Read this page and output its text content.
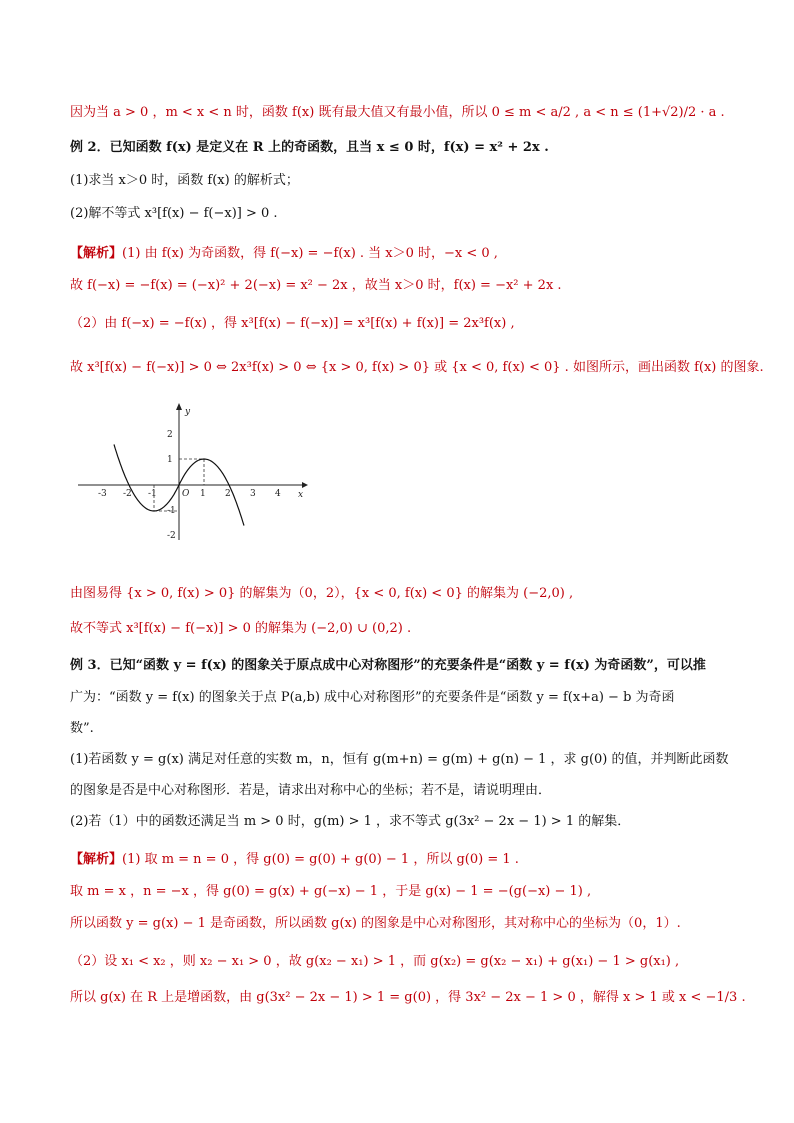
因为当 a > 0 ，m < x < n 时，函数 f(x) 既有最大值又有最小值，所以 0 ≤ m < a/2 , a < n ≤ (1+√2)/2 · a .
例 2．已知函数 f(x) 是定义在 R 上的奇函数，且当 x ≤ 0 时，f(x) = x² + 2x .
(1)求当 x＞0 时，函数 f(x) 的解析式；
(2)解不等式 x³[f(x) − f(−x)] > 0 .
【解析】(1) 由 f(x) 为奇函数，得 f(−x) = −f(x) . 当 x＞0 时，−x < 0 ,
故 f(−x) = −f(x) = (−x)² + 2(−x) = x² − 2x ，故当 x＞0 时，f(x) = −x² + 2x .
（2）由 f(−x) = −f(x) ，得 x³[f(x) − f(−x)] = x³[f(x) + f(x)] = 2x³f(x) ,
故 x³[f(x) − f(−x)] > 0 ⇔ 2x³f(x) > 0 ⇔ {x > 0, f(x) > 0} 或 {x < 0, f(x) < 0} . 如图所示，画出函数 f(x) 的图象.
y
x
O
-3 -2 -1	1 2 3 4
2
1
-1
-2
由图易得 {x > 0, f(x) > 0} 的解集为（0，2），{x < 0, f(x) < 0} 的解集为 (−2,0) ,
故不等式 x³[f(x) − f(−x)] > 0 的解集为 (−2,0) ∪ (0,2) .
例 3．已知“函数 y = f(x) 的图象关于原点成中心对称图形”的充要条件是“函数 y = f(x) 为奇函数”，可以推
广为：“函数 y = f(x) 的图象关于点 P(a,b) 成中心对称图形”的充要条件是“函数 y = f(x+a) − b 为奇函
数”.
(1)若函数 y = g(x) 满足对任意的实数 m，n，恒有 g(m+n) = g(m) + g(n) − 1 ，求 g(0) 的值，并判断此函数
的图象是否是中心对称图形．若是，请求出对称中心的坐标；若不是，请说明理由．
(2)若（1）中的函数还满足当 m > 0 时，g(m) > 1 ，求不等式 g(3x² − 2x − 1) > 1 的解集．
【解析】(1) 取 m = n = 0 ，得 g(0) = g(0) + g(0) − 1 ，所以 g(0) = 1 .
取 m = x ，n = −x ，得 g(0) = g(x) + g(−x) − 1 ，于是 g(x) − 1 = −(g(−x) − 1) ,
所以函数 y = g(x) − 1 是奇函数，所以函数 g(x) 的图象是中心对称图形，其对称中心的坐标为（0，1）.
（2）设 x₁ < x₂ ，则 x₂ − x₁ > 0 ，故 g(x₂ − x₁) > 1 ，而 g(x₂) = g(x₂ − x₁) + g(x₁) − 1 > g(x₁) ,
所以 g(x) 在 R 上是增函数，由 g(3x² − 2x − 1) > 1 = g(0) ，得 3x² − 2x − 1 > 0 ，解得 x > 1 或 x < −1/3 .
